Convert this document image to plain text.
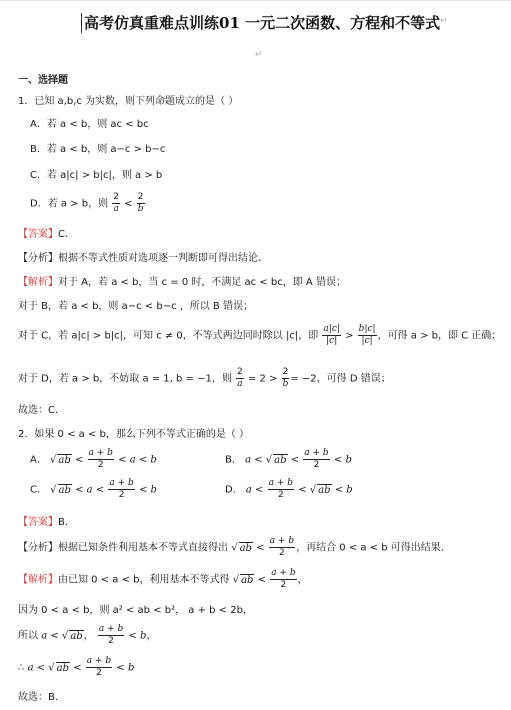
高考仿真重难点训练01 一元二次函数、方程和不等式 ↵
↵
一、选择题
1．已知 a,b,c 为实数，则下列命题成立的是（ ）
A．若 a < b，则 ac < bc
B．若 a < b，则 a−c > b−c
C．若 a|c| > b|c|，则 a > b
D．若 a > b，则 $\frac{2}{a} < \frac{2}{b}$
【答案】C．
【分析】根据不等式性质对选项逐一判断即可得出结论．
【解析】对于 A，若 a < b，当 c = 0 时，不满足 ac < bc，即 A 错误；
对于 B，若 a < b，则 a−c < b−c ，所以 B 错误；
对于 C，若 a|c| > b|c|，可知 c ≠ 0，不等式两边同时除以 |c|，即 $\frac{a|c|}{|c|} > \frac{b|c|}{|c|}$ ，可得 a > b，即 C 正确；
对于 D，若 a > b，不妨取 a = 1, b = −1，则 $\frac{2}{a} = 2 > \frac{2}{b} = -2$，可得 D 错误；
故选：C．
2．如果 0 < a < b，那么下列不等式正确的是（ ）
A． √ ab < $\frac{a + b}{2} < a < b$	B． a < √ ab < $\frac{a + b}{2} < b$
C． √ ab < $a < \frac{a + b}{2} < b$	D． $a < \frac{a + b}{2}$ < √ ab < b
【答案】B．
【分析】根据已知条件利用基本不等式直接得出 √ ab < $\frac{a + b}{2}$ ，再结合 0 < a < b 可得出结果．
【解析】由已知 0 < a < b，利用基本不等式得 √ ab < $\frac{a + b}{2}$ ，
因为 0 < a < b，则 a² < ab < b²， a + b < 2b，
所以 a < √ ab， $\frac{a + b}{2} < b$，
∴ a < √ ab < $\frac{a + b}{2} < b$
故选：B．
